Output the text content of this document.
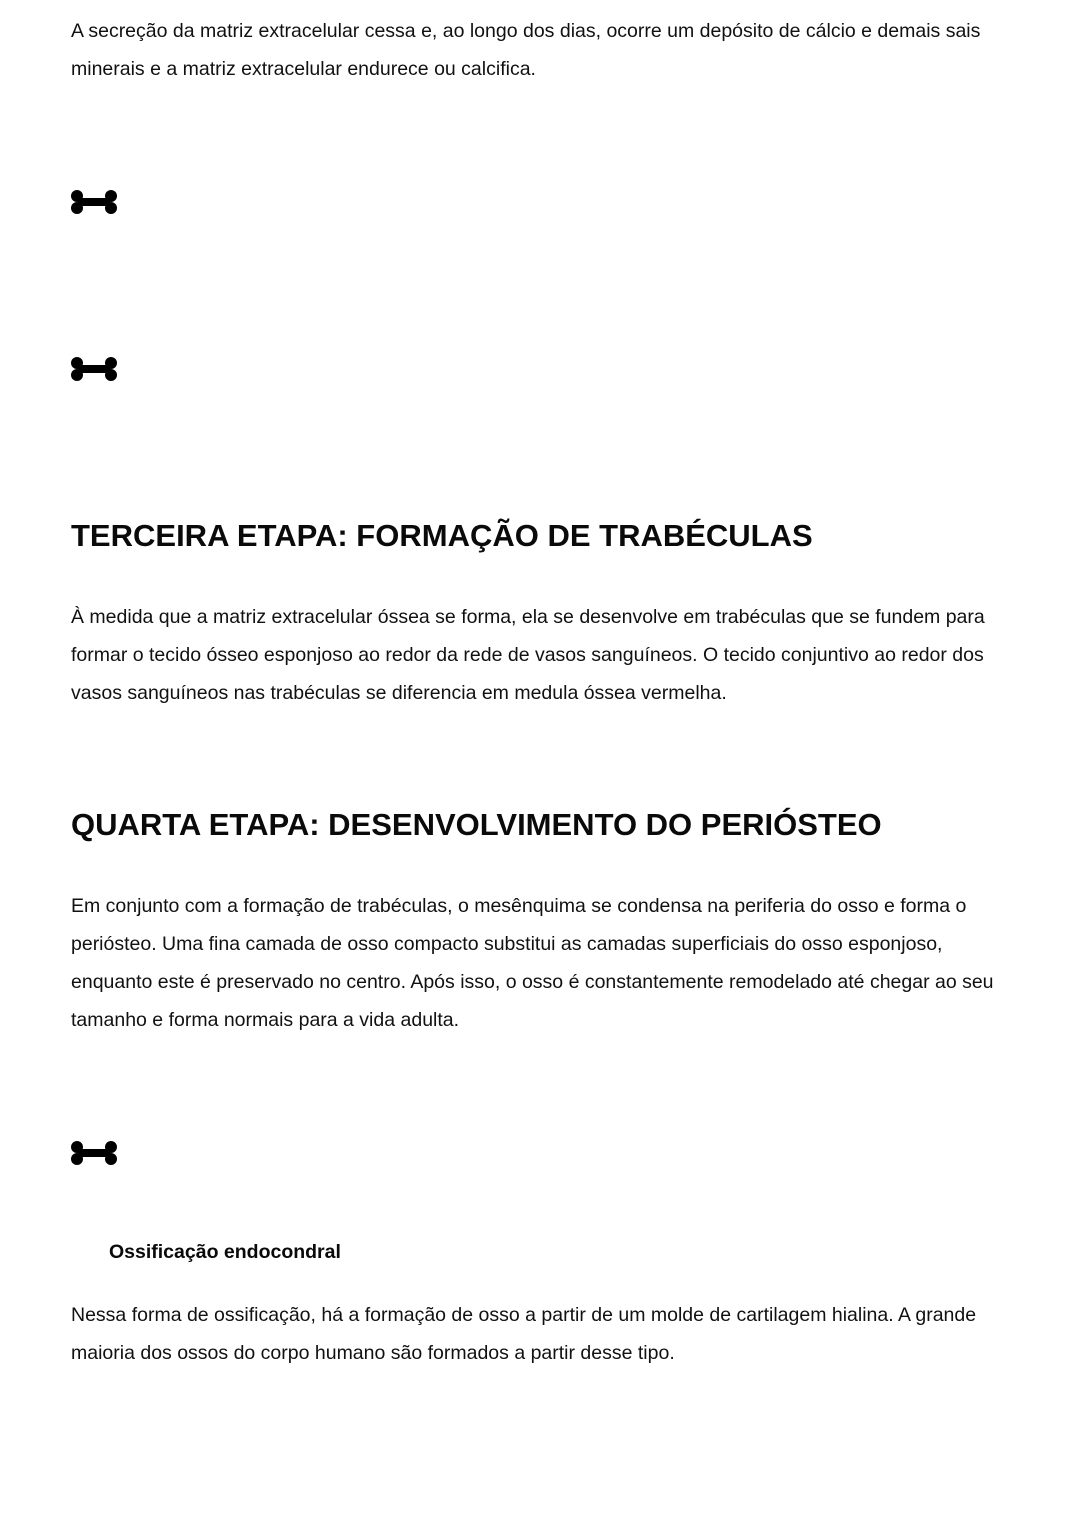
A secreção da matriz extracelular cessa e, ao longo dos dias, ocorre um depósito de cálcio e demais sais minerais e a matriz extracelular endurece ou calcifica.

TERCEIRA ETAPA: FORMAÇÃO DE TRABÉCULAS

À medida que a matriz extracelular óssea se forma, ela se desenvolve em trabéculas que se fundem para formar o tecido ósseo esponjoso ao redor da rede de vasos sanguíneos. O tecido conjuntivo ao redor dos vasos sanguíneos nas trabéculas se diferencia em medula óssea vermelha.

QUARTA ETAPA: DESENVOLVIMENTO DO PERIÓSTEO

Em conjunto com a formação de trabéculas, o mesênquima se condensa na periferia do osso e forma o periósteo. Uma fina camada de osso compacto substitui as camadas superficiais do osso esponjoso, enquanto este é preservado no centro. Após isso, o osso é constantemente remodelado até chegar ao seu tamanho e forma normais para a vida adulta.

Ossificação endocondral

Nessa forma de ossificação, há a formação de osso a partir de um molde de cartilagem hialina. A grande maioria dos ossos do corpo humano são formados a partir desse tipo.
